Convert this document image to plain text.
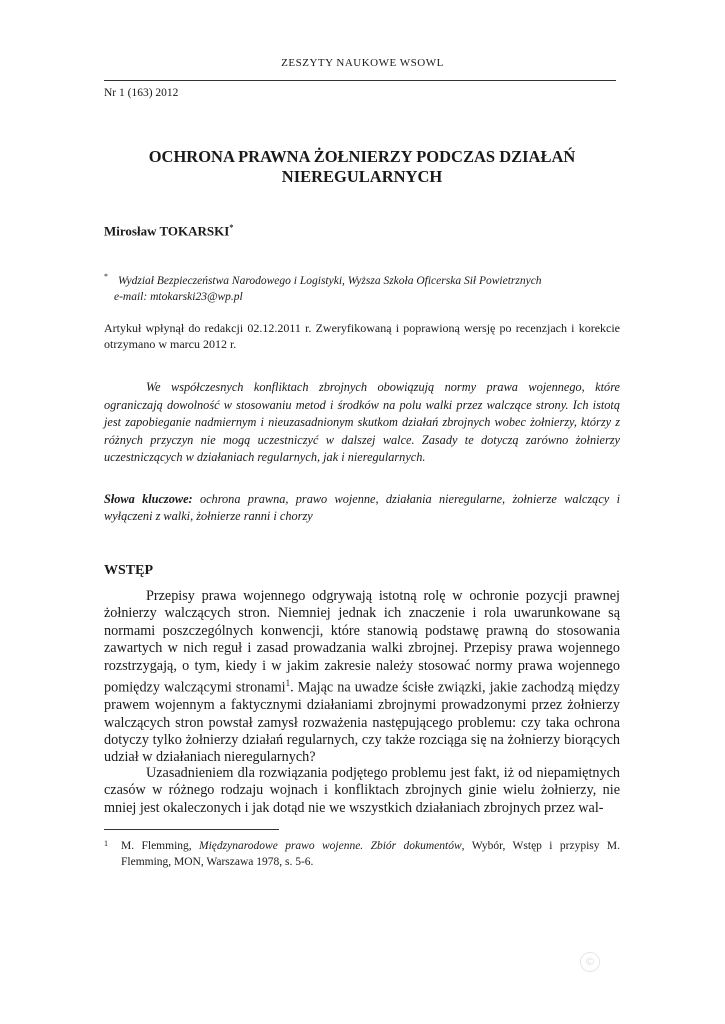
ZESZYTY NAUKOWE WSOWL
Nr 1 (163) 2012
OCHRONA PRAWNA ŻOŁNIERZY PODCZAS DZIAŁAŃ
NIEREGULARNYCH
Mirosław TOKARSKI*
* Wydział Bezpieczeństwa Narodowego i Logistyki, Wyższa Szkoła Oficerska Sił Powietrznych
e-mail: mtokarski23@wp.pl
Artykuł wpłynął do redakcji 02.12.2011 r. Zweryfikowaną i poprawioną wersję po recenzjach i korekcie otrzymano w marcu 2012 r.

We współczesnych konfliktach zbrojnych obowiązują normy prawa wojennego, które ograniczają dowolność w stosowaniu metod i środków na polu walki przez walczące strony. Ich istotą jest zapobieganie nadmiernym i nieuzasadnionym skutkom działań zbrojnych wobec żołnierzy, którzy z różnych przyczyn nie mogą uczestniczyć w dalszej walce. Zasady te dotyczą zarówno żołnierzy uczestniczących w działaniach regularnych, jak i nieregularnych.

Słowa kluczowe: ochrona prawna, prawo wojenne, działania nieregularne, żołnierze walczący i wyłączeni z walki, żołnierze ranni i chorzy
WSTĘP

Przepisy prawa wojennego odgrywają istotną rolę w ochronie pozycji prawnej żołnierzy walczących stron. Niemniej jednak ich znaczenie i rola uwarunkowane są normami poszczególnych konwencji, które stanowią podstawę prawną do stosowania zawartych w nich reguł i zasad prowadzania walki zbrojnej. Przepisy prawa wojennego rozstrzygają, o tym, kiedy i w jakim zakresie należy stosować normy prawa wojennego pomiędzy walczącymi stronami$^1$. Mając na uwadze ścisłe związki, jakie zachodzą między prawem wojennym a faktycznymi działaniami zbrojnymi prowadzonymi przez żołnierzy walczących stron powstał zamysł rozważenia następującego problemu: czy taka ochrona dotyczy tylko żołnierzy działań regularnych, czy także rozciąga się na żołnierzy biorących udział w działaniach nieregularnych?

Uzasadnieniem dla rozwiązania podjętego problemu jest fakt, iż od niepamiętnych czasów w różnego rodzaju wojnach i konfliktach zbrojnych ginie wielu żołnierzy, nie mniej jest okaleczonych i jak dotąd nie we wszystkich działaniach zbrojnych przez wal-

1	M. Flemming, Międzynarodowe prawo wojenne. Zbiór dokumentów, Wybór, Wstęp i przypisy M. Flemming, MON, Warszawa 1978, s. 5-6.
©
